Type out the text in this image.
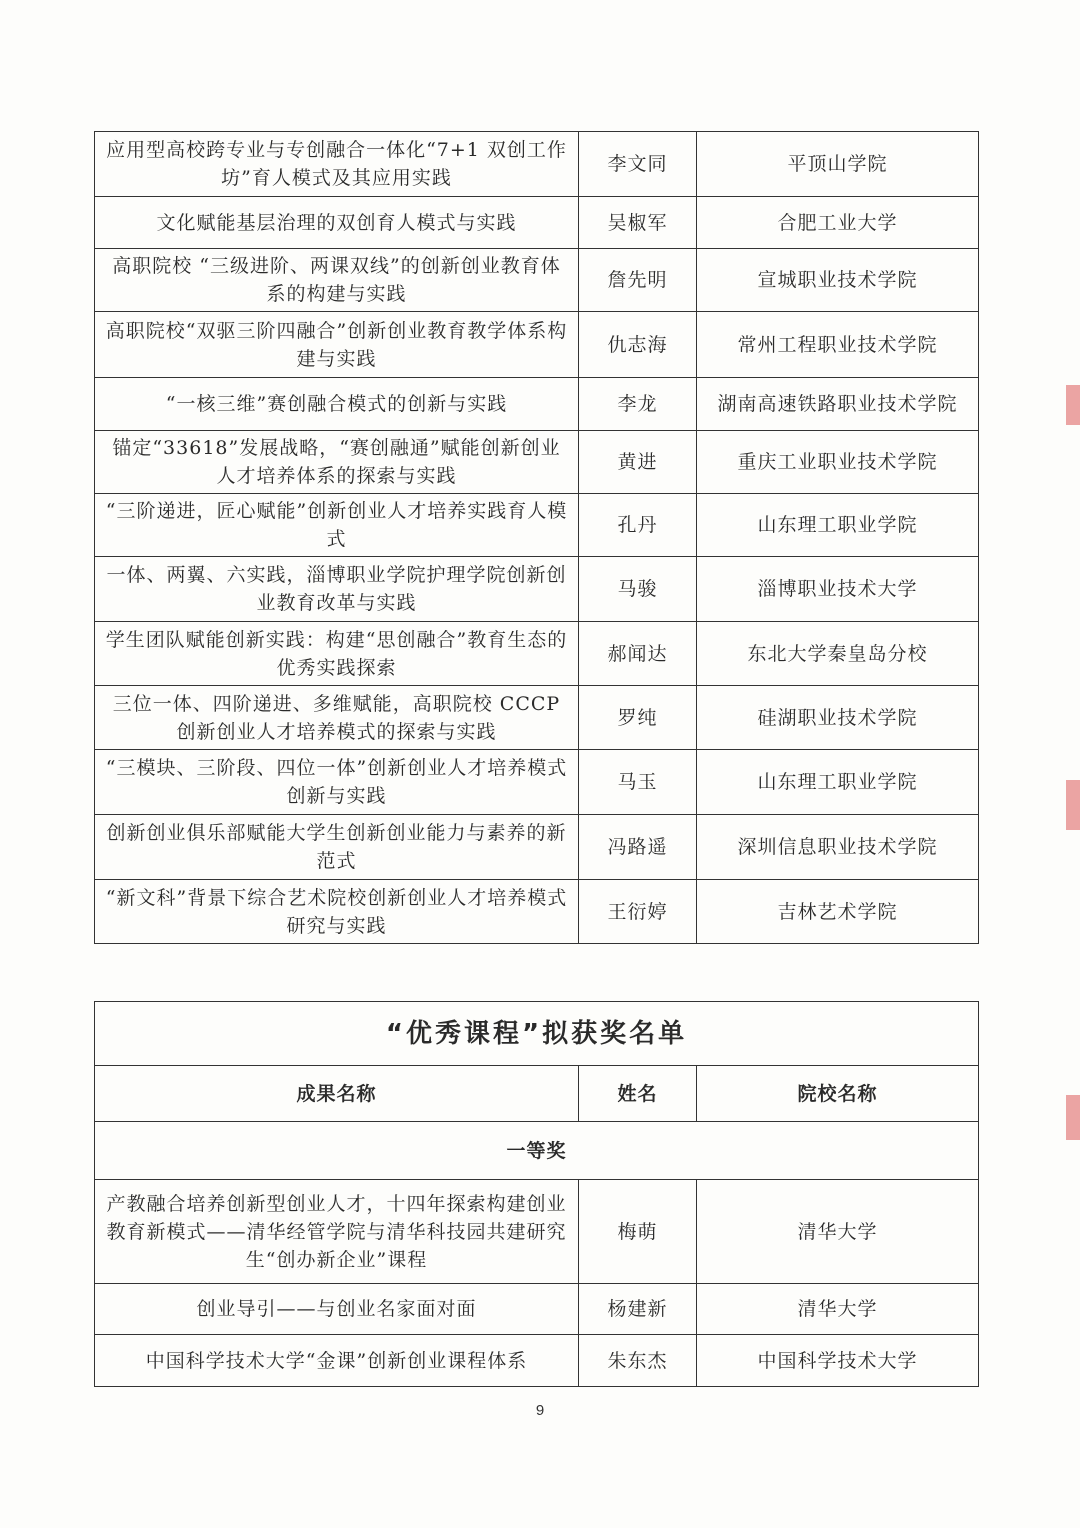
应用型高校跨专业与专创融合一体化“7+1 双创工作坊”育人模式及其应用实践	李文同	平顶山学院
文化赋能基层治理的双创育人模式与实践	吴椒军	合肥工业大学
高职院校 “三级进阶、两课双线”的创新创业教育体系的构建与实践	詹先明	宣城职业技术学院
高职院校“双驱三阶四融合”创新创业教育教学体系构建与实践	仇志海	常州工程职业技术学院
“一核三维”赛创融合模式的创新与实践	李龙	湖南高速铁路职业技术学院
锚定“33618”发展战略，“赛创融通”赋能创新创业人才培养体系的探索与实践	黄进	重庆工业职业技术学院
“三阶递进，匠心赋能”创新创业人才培养实践育人模式	孔丹	山东理工职业学院
一体、两翼、六实践，淄博职业学院护理学院创新创业教育改革与实践	马骏	淄博职业技术大学
学生团队赋能创新实践：构建“思创融合”教育生态的优秀实践探索	郝闻达	东北大学秦皇岛分校
三位一体、四阶递进、多维赋能，高职院校 CCCP 创新创业人才培养模式的探索与实践	罗纯	硅湖职业技术学院
“三模块、三阶段、四位一体”创新创业人才培养模式创新与实践	马玉	山东理工职业学院
创新创业俱乐部赋能大学生创新创业能力与素养的新范式	冯路遥	深圳信息职业技术学院
“新文科”背景下综合艺术院校创新创业人才培养模式研究与实践	王衍婷	吉林艺术学院
“优秀课程”拟获奖名单		
成果名称	姓名	院校名称
一等奖		
产教融合培养创新型创业人才，十四年探索构建创业教育新模式——清华经管学院与清华科技园共建研究生“创办新企业”课程	梅萌	清华大学
创业导引——与创业名家面对面	杨建新	清华大学
中国科学技术大学“金课”创新创业课程体系	朱东杰	中国科学技术大学
9
